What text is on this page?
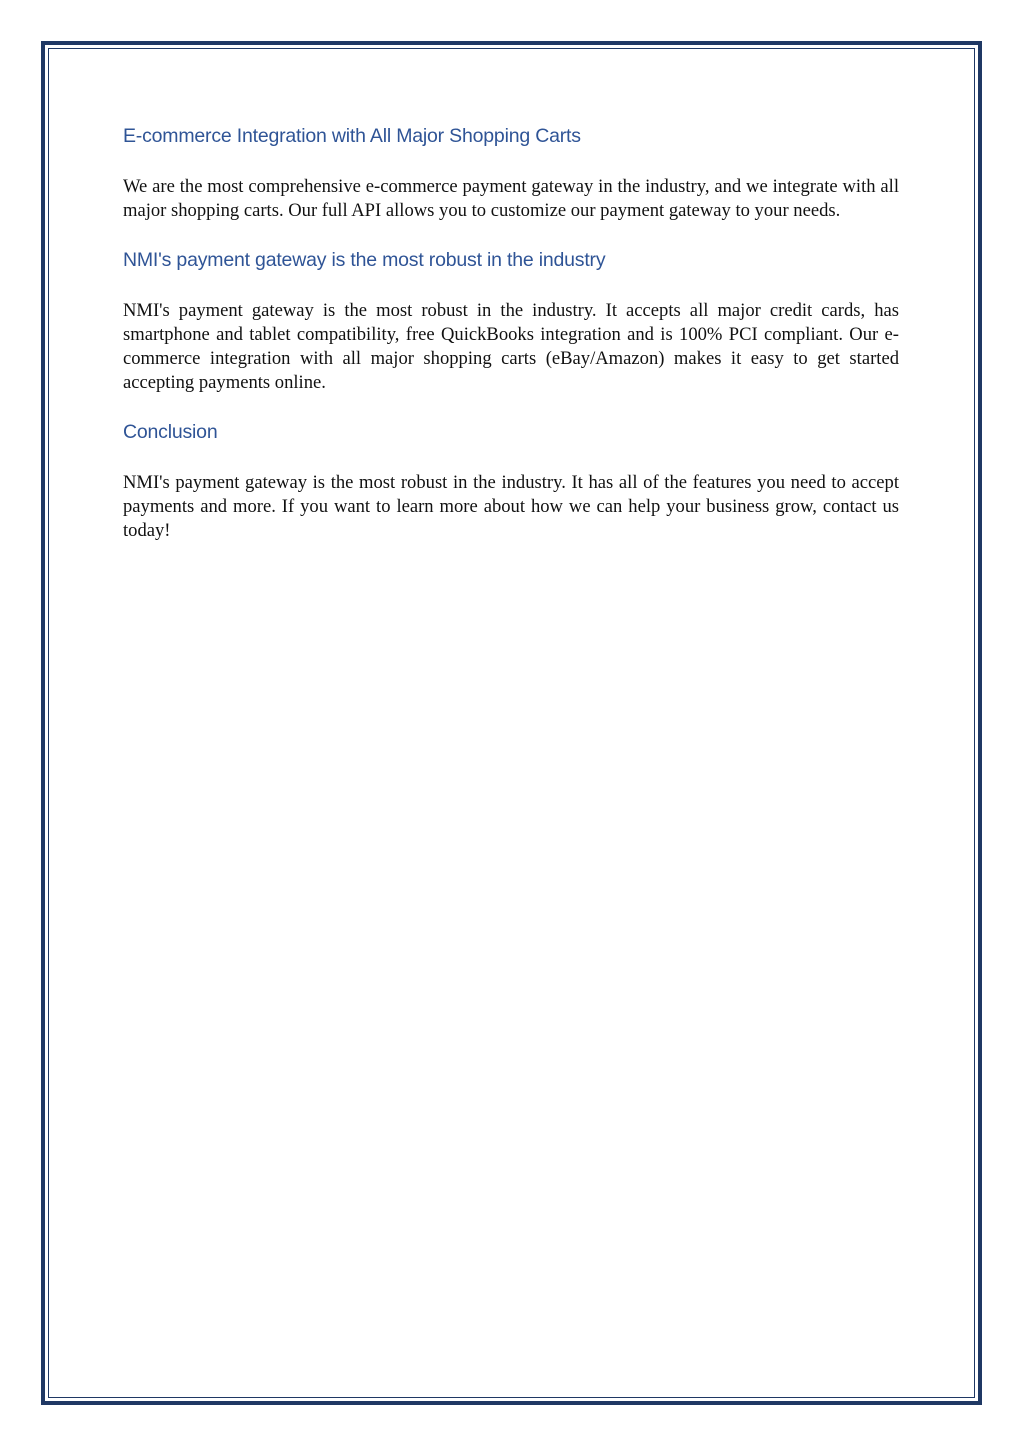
E-commerce Integration with All Major Shopping Carts

We are the most comprehensive e-commerce payment gateway in the industry, and we integrate with all major shopping carts. Our full API allows you to customize our payment gateway to your needs.

NMI's payment gateway is the most robust in the industry

NMI's payment gateway is the most robust in the industry. It accepts all major credit cards, has smartphone and tablet compatibility, free QuickBooks integration and is 100% PCI compliant. Our e-commerce integration with all major shopping carts (eBay/Amazon) makes it easy to get started accepting payments online.

Conclusion

NMI's payment gateway is the most robust in the industry. It has all of the features you need to accept payments and more. If you want to learn more about how we can help your business grow, contact us today!
